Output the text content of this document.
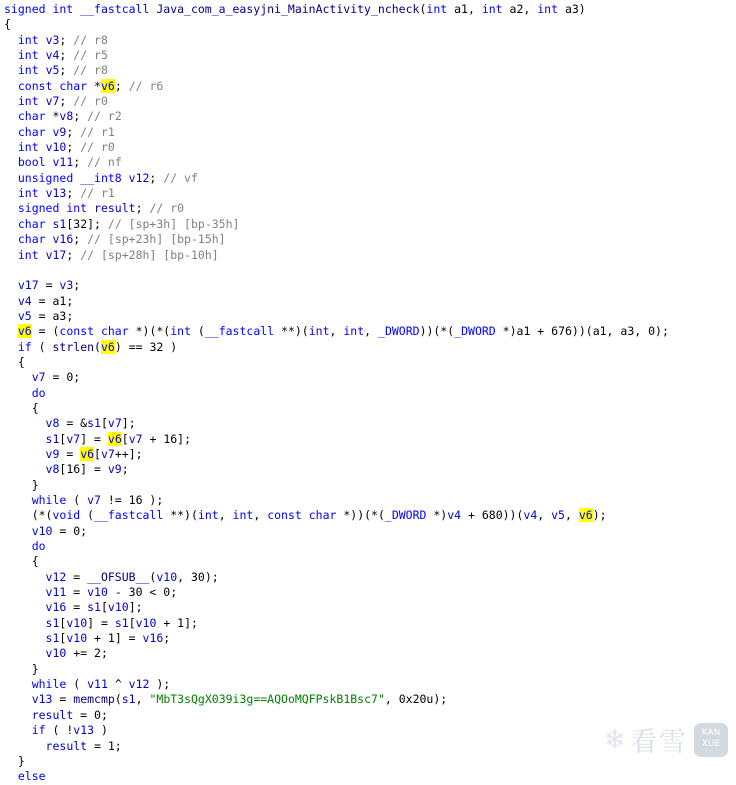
signed int __fastcall Java_com_a_easyjni_MainActivity_ncheck(int a1, int a2, int a3)
{
int v3; // r8
int v4; // r5
int v5; // r8
const char *v6; // r6
int v7; // r0
char *v8; // r2
char v9; // r1
int v10; // r0
bool v11; // nf
unsigned __int8 v12; // vf
int v13; // r1
signed int result; // r0
char s1[32]; // [sp+3h] [bp-35h]
char v16; // [sp+23h] [bp-15h]
int v17; // [sp+28h] [bp-10h]

v17 = v3;
v4 = a1;
v5 = a3;
v6 = (const char *)(*(int (__fastcall **)(int, int, _DWORD))(*(_DWORD *)a1 + 676))(a1, a3, 0);
if ( strlen(v6) == 32 )
{
v7 = 0;
do
{
v8 = &s1[v7];
s1[v7] = v6[v7 + 16];
v9 = v6[v7++];
v8[16] = v9;
}
while ( v7 != 16 );
(*(void (__fastcall **)(int, int, const char *))(*(_DWORD *)v4 + 680))(v4, v5, v6);
v10 = 0;
do
{
v12 = __OFSUB__(v10, 30);
v11 = v10 - 30 < 0;
v16 = s1[v10];
s1[v10] = s1[v10 + 1];
s1[v10 + 1] = v16;
v10 += 2;
}
while ( v11 ^ v12 );
v13 = memcmp(s1, "MbT3sQgX039i3g==AQOoMQFPskB1Bsc7", 0x20u);
result = 0;
if ( !v13 )
result = 1;
}
else
❄ 看雪	KAN
XUE
